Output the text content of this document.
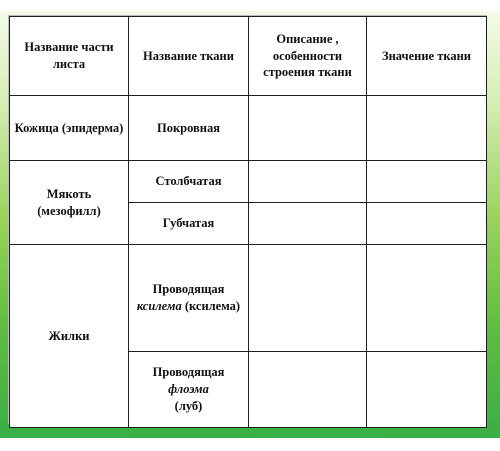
Название части листа	Название ткани	Описание , особенности строения ткани	Значение ткани
Кожица (эпидерма)	Покровная		
Мякоть (мезофилл)	Столбчатая		
	Губчатая		
Жилки	Проводящая
ксилема (ксилема)		
	Проводящая
флоэма
(луб)		
